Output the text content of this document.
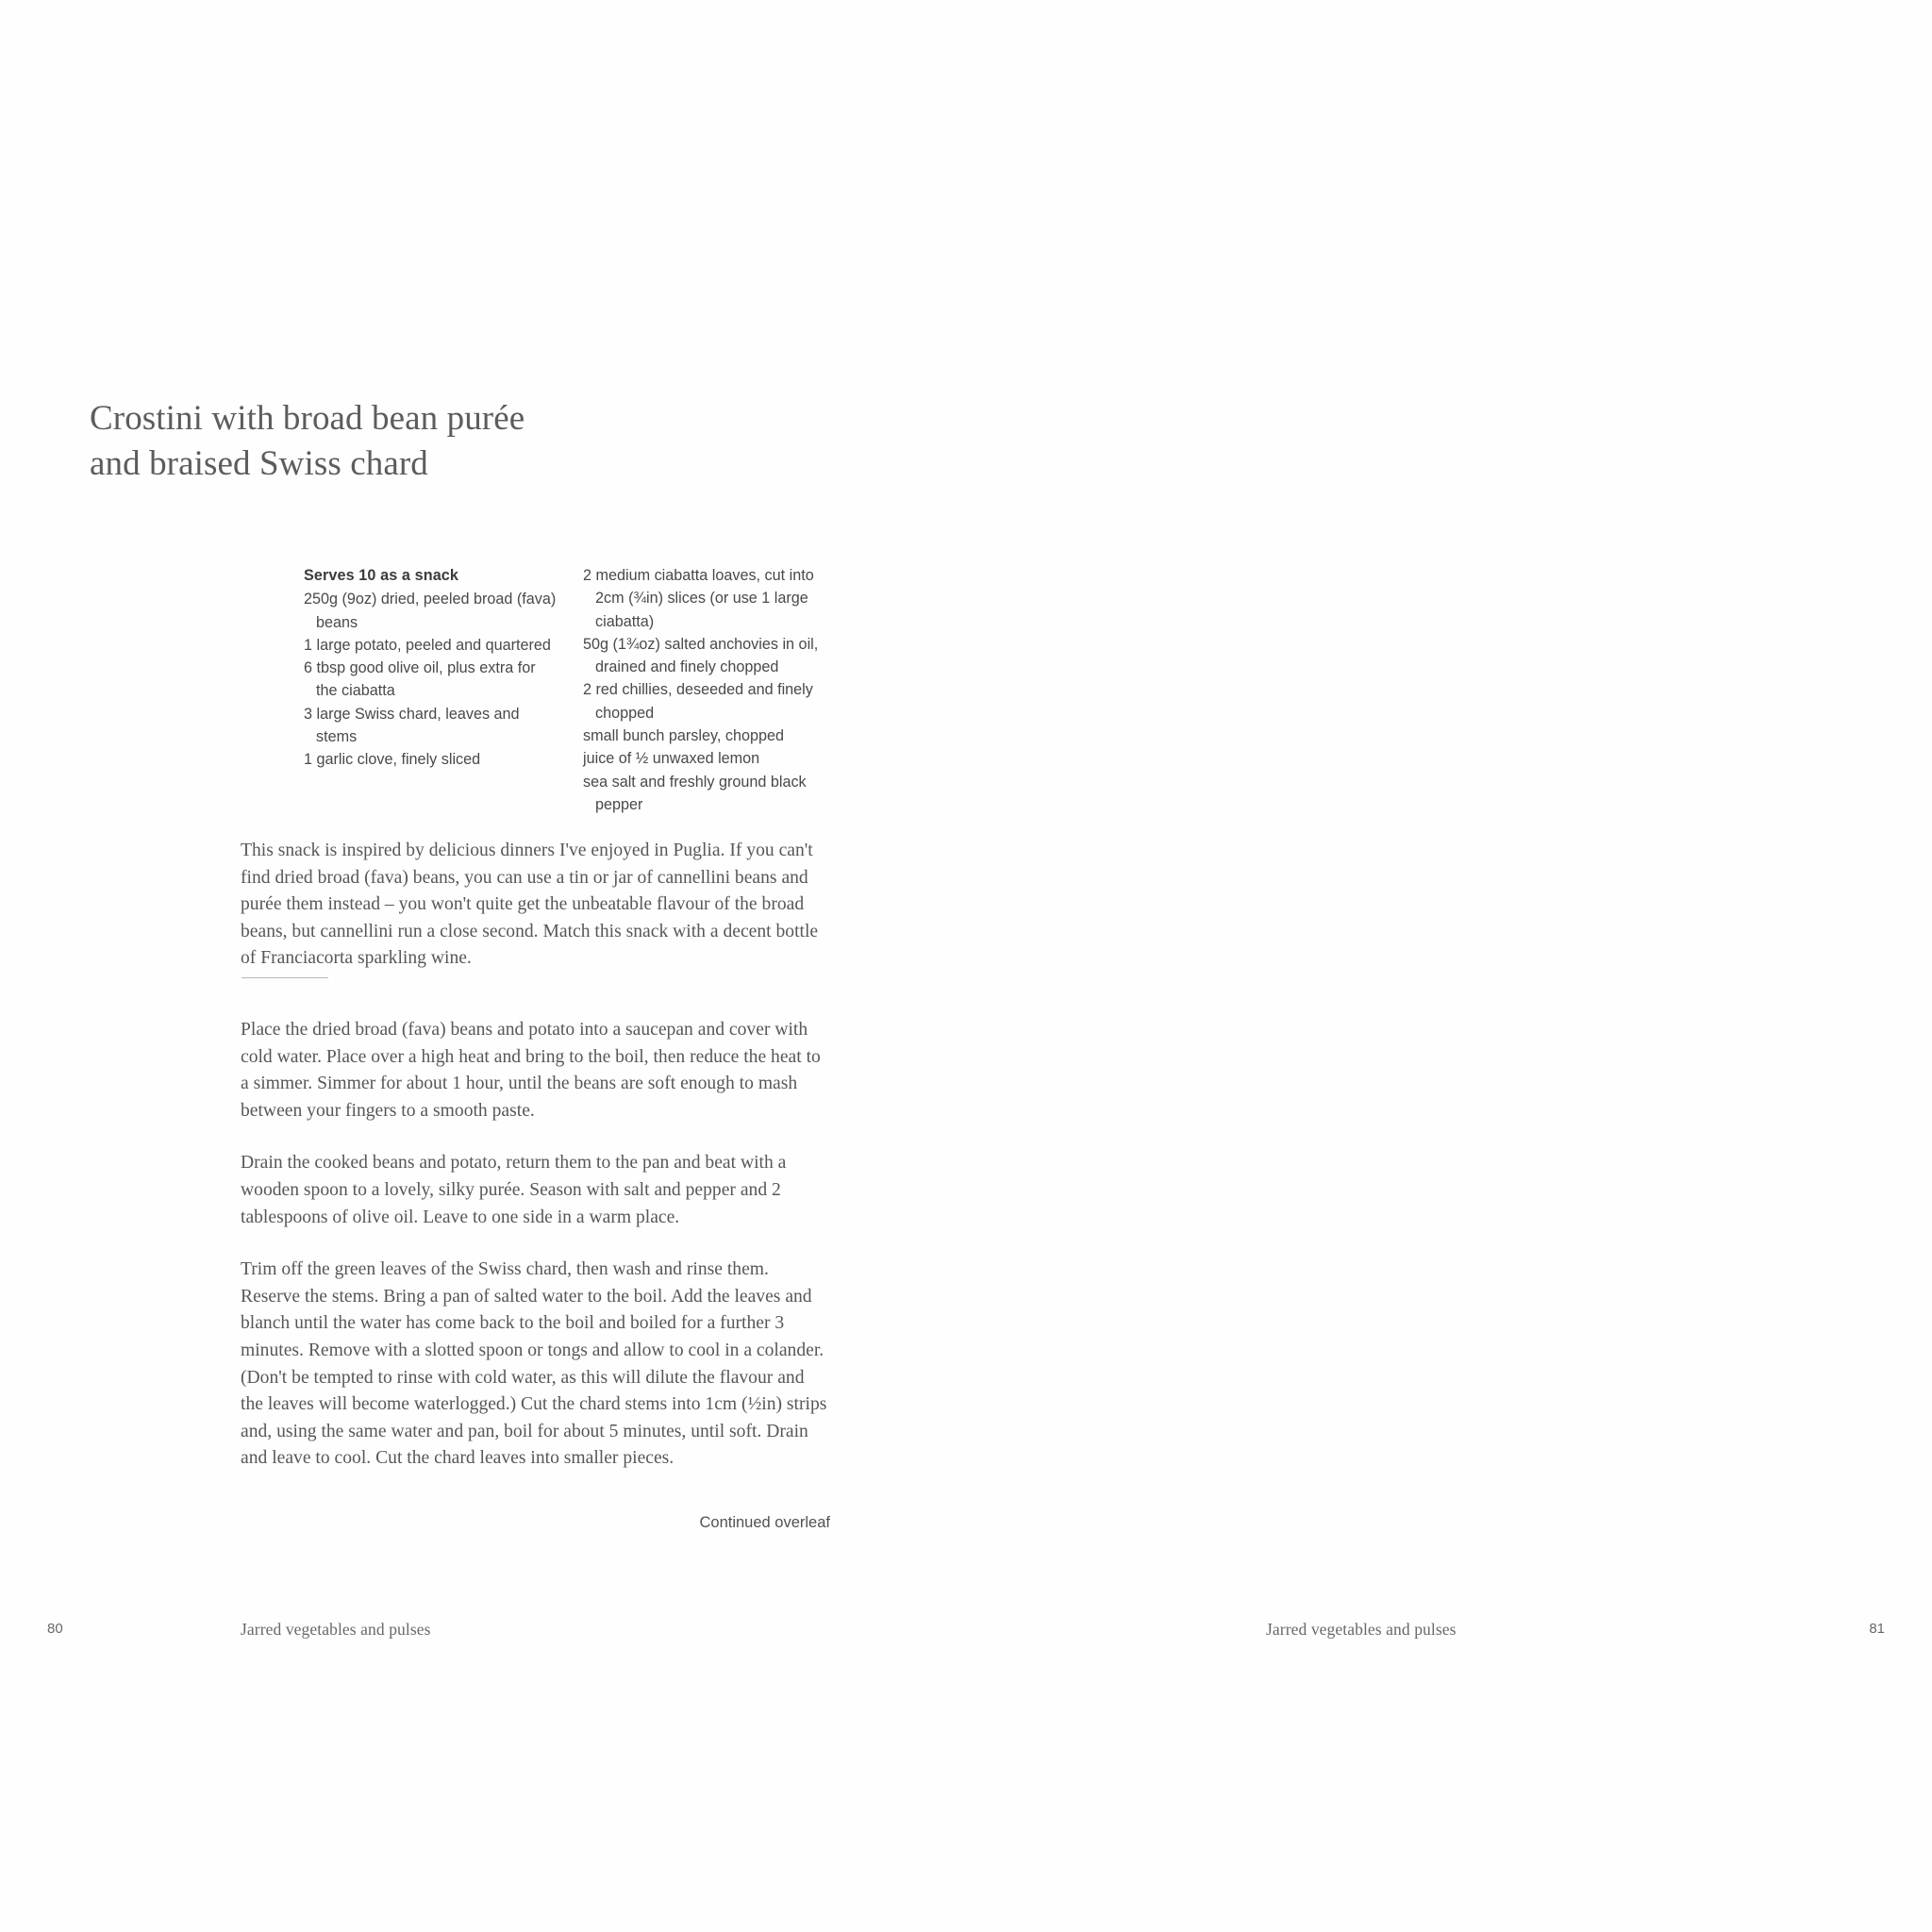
Crostini with broad bean purée
and braised Swiss chard
Serves 10 as a snack
250g (9oz) dried, peeled broad (fava) beans
1 large potato, peeled and quartered
6 tbsp good olive oil, plus extra for the ciabatta
3 large Swiss chard, leaves and stems
1 garlic clove, finely sliced
2 medium ciabatta loaves, cut into 2cm (¾in) slices (or use 1 large ciabatta)
50g (1¾oz) salted anchovies in oil, drained and finely chopped
2 red chillies, deseeded and finely chopped
small bunch parsley, chopped
juice of ½ unwaxed lemon
sea salt and freshly ground black pepper
This snack is inspired by delicious dinners I've enjoyed in Puglia. If you can't find dried broad (fava) beans, you can use a tin or jar of cannellini beans and purée them instead – you won't quite get the unbeatable flavour of the broad beans, but cannellini run a close second. Match this snack with a decent bottle of Franciacorta sparkling wine.

Place the dried broad (fava) beans and potato into a saucepan and cover with cold water. Place over a high heat and bring to the boil, then reduce the heat to a simmer. Simmer for about 1 hour, until the beans are soft enough to mash between your fingers to a smooth paste.

Drain the cooked beans and potato, return them to the pan and beat with a wooden spoon to a lovely, silky purée. Season with salt and pepper and 2 tablespoons of olive oil. Leave to one side in a warm place.

Trim off the green leaves of the Swiss chard, then wash and rinse them. Reserve the stems. Bring a pan of salted water to the boil. Add the leaves and blanch until the water has come back to the boil and boiled for a further 3 minutes. Remove with a slotted spoon or tongs and allow to cool in a colander. (Don't be tempted to rinse with cold water, as this will dilute the flavour and the leaves will become waterlogged.) Cut the chard stems into 1cm (½in) strips and, using the same water and pan, boil for about 5 minutes, until soft. Drain and leave to cool. Cut the chard leaves into smaller pieces.

Continued overleaf
80	Jarred vegetables and pulses	Jarred vegetables and pulses	81
